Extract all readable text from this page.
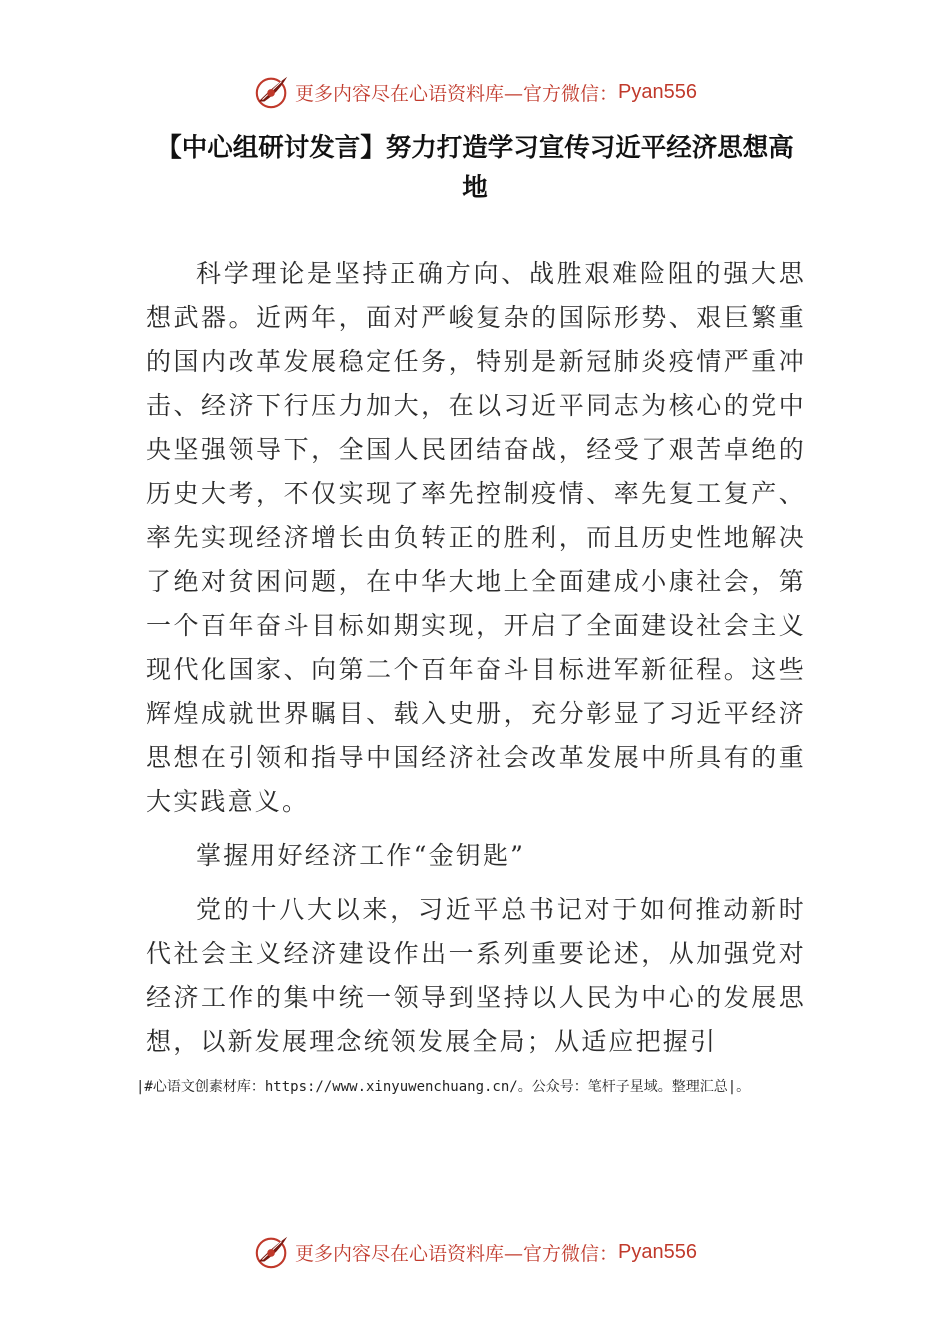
更多内容尽在心语资料库—官方微信： Pyan556
【中心组研讨发言】努力打造学习宣传习近平经济思想高地

科学理论是坚持正确方向、战胜艰难险阻的强大思想武器。近两年，面对严峻复杂的国际形势、艰巨繁重的国内改革发展稳定任务，特别是新冠肺炎疫情严重冲击、经济下行压力加大，在以习近平同志为核心的党中央坚强领导下，全国人民团结奋战，经受了艰苦卓绝的历史大考，不仅实现了率先控制疫情、率先复工复产、率先实现经济增长由负转正的胜利，而且历史性地解决了绝对贫困问题，在中华大地上全面建成小康社会，第一个百年奋斗目标如期实现，开启了全面建设社会主义现代化国家、向第二个百年奋斗目标进军新征程。这些辉煌成就世界瞩目、载入史册，充分彰显了习近平经济思想在引领和指导中国经济社会改革发展中所具有的重大实践意义。

掌握用好经济工作“金钥匙”

党的十八大以来，习近平总书记对于如何推动新时代社会主义经济建设作出一系列重要论述，从加强党对经济工作的集中统一领导到坚持以人民为中心的发展思想，以新发展理念统领发展全局；从适应把握引

|#心语文创素材库：https://www.xinyuwenchuang.cn/。公众号：笔杆子星域。整理汇总|。
更多内容尽在心语资料库—官方微信： Pyan556
